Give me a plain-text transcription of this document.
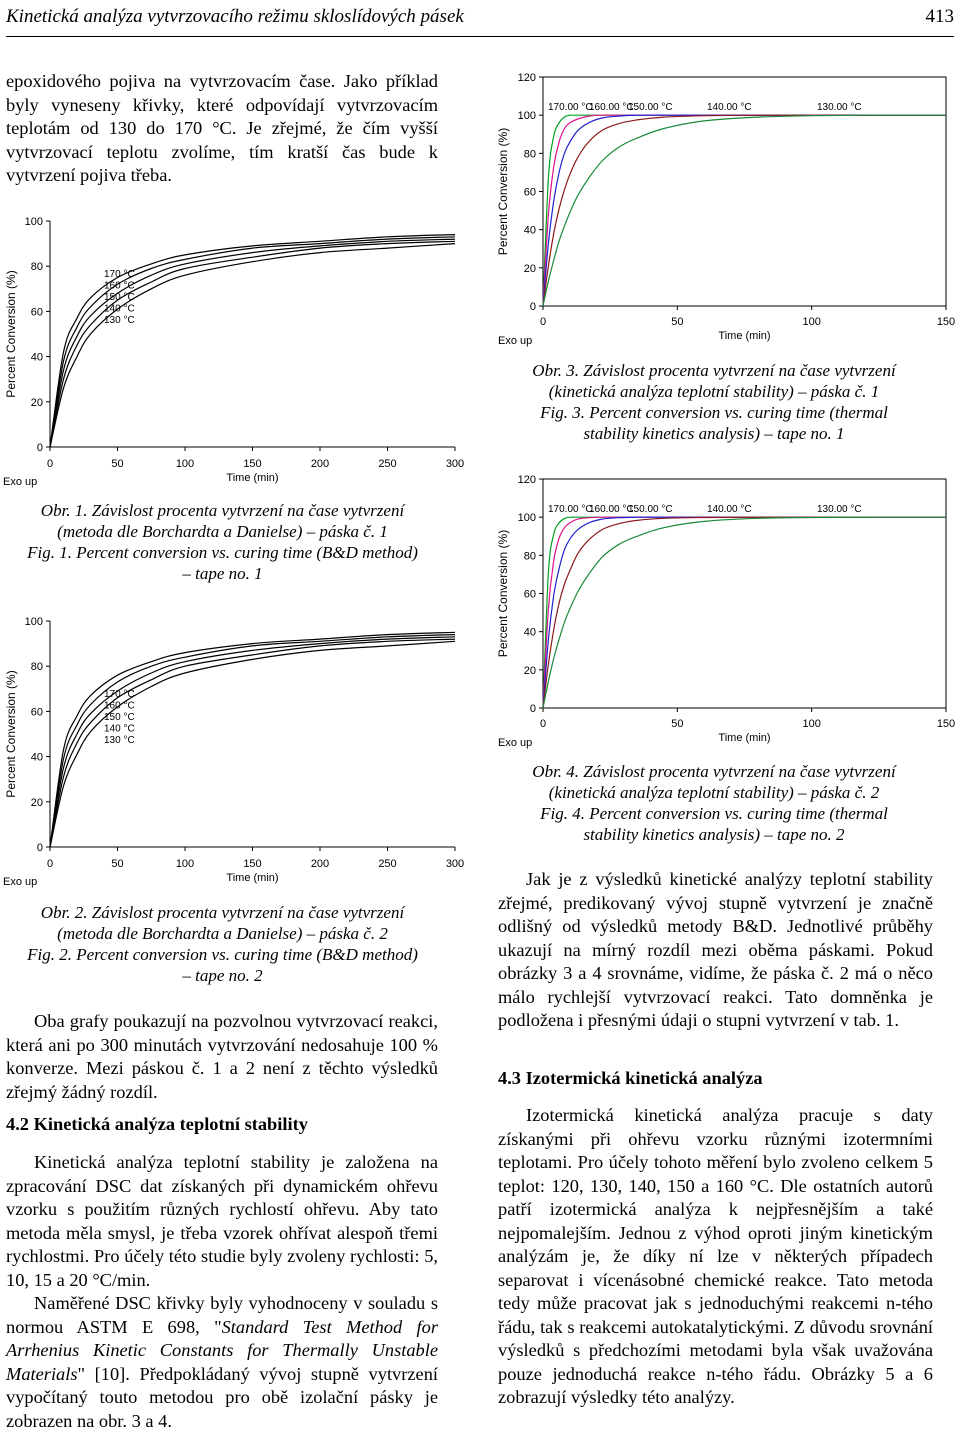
Kinetická analýza vytvrzovacího režimu skloslídových pásek	413

epoxidového pojiva na vytvrzovacím čase. Jako příklad byly vyneseny křivky, které odpovídají vytvrzovacím teplotám od 130 do 170 °C. Je zřejmé, že čím vyšší vytvrzovací teplotu zvolíme, tím kratší čas bude k vytvrzení pojiva třeba.

0
20
40
60
80
100
0	50	100	150	200	250	300
Time (min)
Percent Conversion (%)
Exo up
170 °C
160 °C
150 °C
140 °C
130 °C
Obr. 1. Závislost procenta vytvrzení na čase vytvrzení
(metoda dle Borchardta a Danielse) – páska č. 1
Fig. 1. Percent conversion vs. curing time (B&D method)
– tape no. 1
0
20
40
60
80
100
0	50	100	150	200	250	300
Time (min)
Percent Conversion (%)
Exo up
170 °C
160 °C
150 °C
140 °C
130 °C
Obr. 2. Závislost procenta vytvrzení na čase vytvrzení
(metoda dle Borchardta a Danielse) – páska č. 2
Fig. 2. Percent conversion vs. curing time (B&D method)
– tape no. 2

Oba grafy poukazují na pozvolnou vytvrzovací reakci, která ani po 300 minutách vytvrzování nedosahuje 100 % konverze. Mezi páskou č. 1 a 2 není z těchto výsledků zřejmý žádný rozdíl.

4.2 Kinetická analýza teplotní stability

Kinetická analýza teplotní stability je založena na zpracování DSC dat získaných při dynamickém ohřevu vzorku s použitím různých rychlostí ohřevu. Aby tato metoda měla smysl, je třeba vzorek ohřívat alespoň třemi rychlostmi. Pro účely této studie byly zvoleny rychlosti: 5, 10, 15 a 20 °C/min.

Naměřené DSC křivky byly vyhodnoceny v souladu s normou ASTM E 698, "Standard Test Method for Arrhenius Kinetic Constants for Thermally Unstable Materials" [10]. Předpokládaný vývoj stupně vytvrzení vypočítaný touto metodou pro obě izolační pásky je zobrazen na obr. 3 a 4.

0
20
40
60
80
100
120
0	50	100	150
Time (min)
Percent Conversion (%)
Exo up
170.00 °C
160.00 °C
150.00 °C	140.00 °C	130.00 °C
Obr. 3. Závislost procenta vytvrzení na čase vytvrzení
(kinetická analýza teplotní stability) – páska č. 1
Fig. 3. Percent conversion vs. curing time (thermal
stability kinetics analysis) – tape no. 1
0
20
40
60
80
100
120
0	50	100	150
Time (min)
Percent Conversion (%)
Exo up
170.00 °C
160.00 °C
150.00 °C	140.00 °C	130.00 °C
Obr. 4. Závislost procenta vytvrzení na čase vytvrzení
(kinetická analýza teplotní stability) – páska č. 2
Fig. 4. Percent conversion vs. curing time (thermal
stability kinetics analysis) – tape no. 2

Jak je z výsledků kinetické analýzy teplotní stability zřejmé, predikovaný vývoj stupně vytvrzení je značně odlišný od výsledků metody B&D. Jednotlivé průběhy ukazují na mírný rozdíl mezi oběma páskami. Pokud obrázky 3 a 4 srovnáme, vidíme, že páska č. 2 má o něco málo rychlejší vytvrzovací reakci. Tato domněnka je podložena i přesnými údaji o stupni vytvrzení v tab. 1.

4.3 Izotermická kinetická analýza

Izotermická kinetická analýza pracuje s daty získanými při ohřevu vzorku různými izotermními teplotami. Pro účely tohoto měření bylo zvoleno celkem 5 teplot: 120, 130, 140, 150 a 160 °C. Dle ostatních autorů patří izotermická analýza k nejpřesnějším a také nejpomalejším. Jednou z výhod oproti jiným kinetickým analýzám je, že díky ní lze v některých případech separovat i vícenásobné chemické reakce. Tato metoda tedy může pracovat jak s jednoduchými reakcemi n-tého řádu, tak s reakcemi autokatalytickými. Z důvodu srovnání výsledků s předchozími metodami byla však uvažována pouze jednoduchá reakce n-tého řádu. Obrázky 5 a 6 zobrazují výsledky této analýzy.
